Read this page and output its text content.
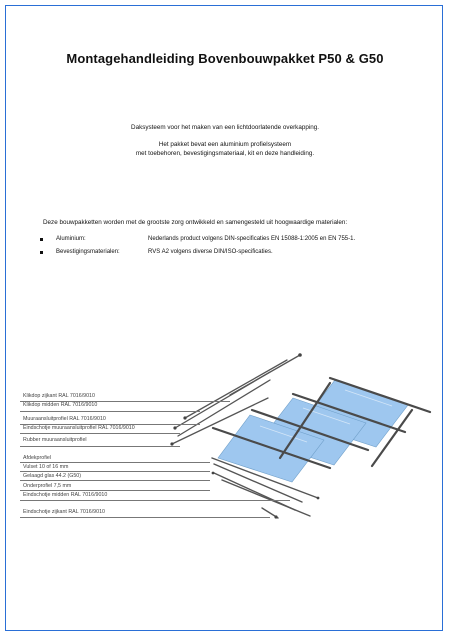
Montagehandleiding Bovenbouwpakket P50 & G50
Daksysteem voor het maken van een lichtdoorlatende overkapping.
Het pakket bevat een aluminium profielsysteem
met toebehoren, bevestigingsmateriaal, kit en deze handleiding.
Deze bouwpakketten worden met de grootste zorg ontwikkeld en samengesteld uit hoogwaardige materialen:
Aluminium:	Nederlands product volgens DIN-specificaties EN 15088-1:2005 en EN 755-1.
Bevestigingsmaterialen:	RVS A2 volgens diverse DIN/ISO-specificaties.
Klikdop zijkant RAL 7016/9010
Klikdop midden RAL 7016/9010
Muuraansluitprofiel RAL 7016/9010
Eindschotje muuraansluitprofiel RAL 7016/9010
Rubber muuraansluitprofiel
Afdekprofiel
Vulset 10 of 16 mm
Gelaagd glas 44.2 (G50)
Onderprofiel 7,5 mm
Eindschotje midden RAL 7016/9010
Eindschotje zijkant RAL 7016/9010
